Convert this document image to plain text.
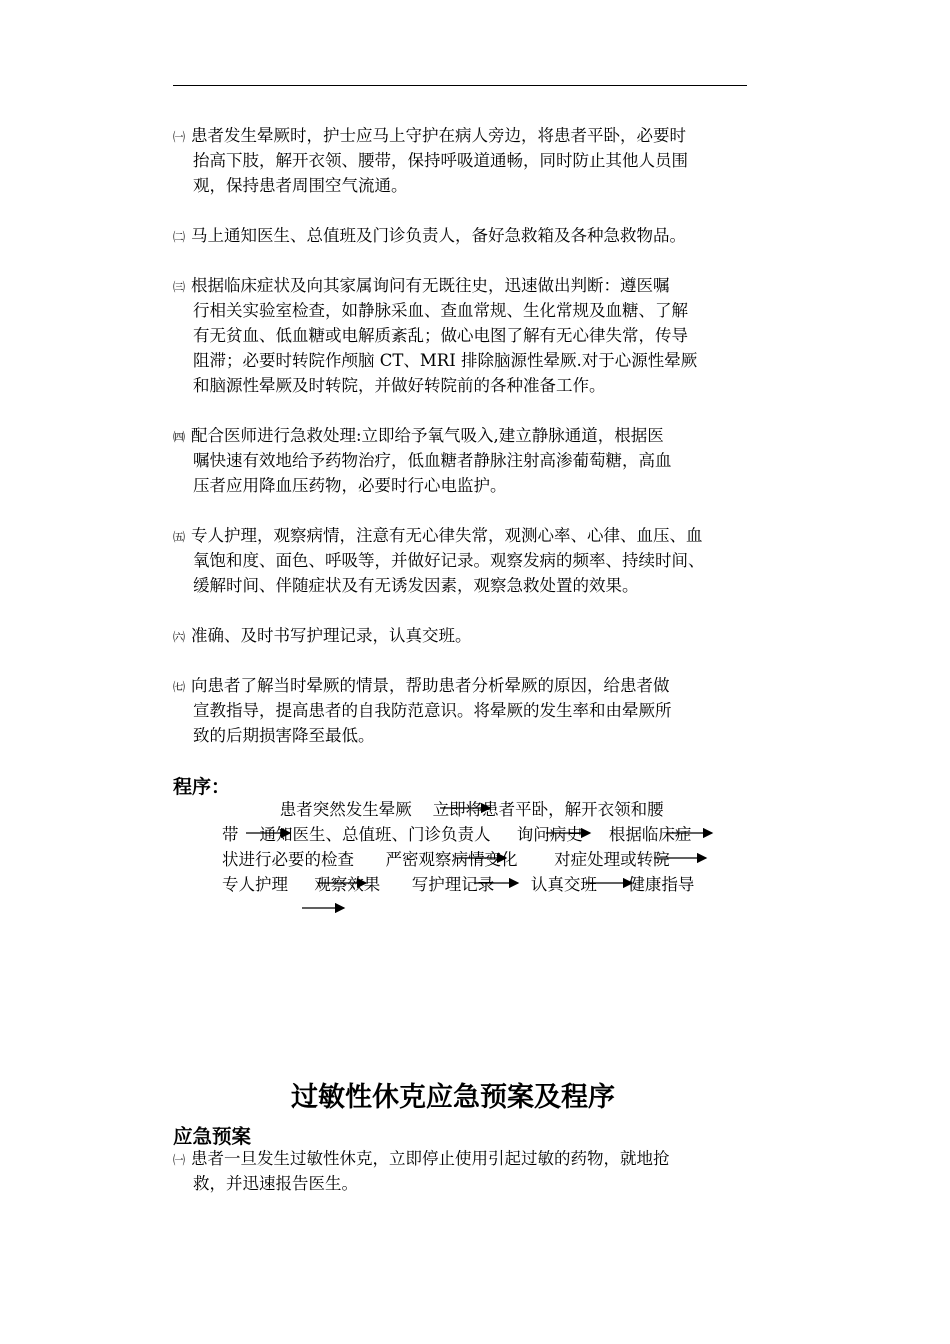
㈠ 患者发生晕厥时，护士应马上守护在病人旁边，将患者平卧，必要时
抬高下肢，解开衣领、腰带，保持呼吸道通畅，同时防止其他人员围
观，保持患者周围空气流通。
㈡ 马上通知医生、总值班及门诊负责人，备好急救箱及各种急救物品。
㈢ 根据临床症状及向其家属询问有无既往史，迅速做出判断：遵医嘱
行相关实验室检查，如静脉采血、查血常规、生化常规及血糖、了解
有无贫血、低血糖或电解质紊乱；做心电图了解有无心律失常，传导
阻滞；必要时转院作颅脑 CT、MRI 排除脑源性晕厥.对于心源性晕厥
和脑源性晕厥及时转院，并做好转院前的各种准备工作。
㈣ 配合医师进行急救处理:立即给予氧气吸入,建立静脉通道，根据医
嘱快速有效地给予药物治疗，低血糖者静脉注射高渗葡萄糖，高血
压者应用降血压药物，必要时行心电监护。
㈤ 专人护理，观察病情，注意有无心律失常，观测心率、心律、血压、血
氧饱和度、面色、呼吸等，并做好记录。观察发病的频率、持续时间、
缓解时间、伴随症状及有无诱发因素，观察急救处置的效果。
㈥ 准确、及时书写护理记录，认真交班。
㈦ 向患者了解当时晕厥的情景，帮助患者分析晕厥的原因，给患者做
宣教指导，提高患者的自我防范意识。将晕厥的发生率和由晕厥所
致的后期损害降至最低。
程序：
患者突然发生晕厥    立即将患者平卧，解开衣领和腰
带    通知医生、总值班、门诊负责人     询问病史     根据临床症
状进行必要的检查      严密观察病情变化       对症处理或转院
专人护理     观察效果      写护理记录       认真交班      健康指导
过敏性休克应急预案及程序
应急预案
㈠ 患者一旦发生过敏性休克，立即停止使用引起过敏的药物，就地抢
救，并迅速报告医生。
